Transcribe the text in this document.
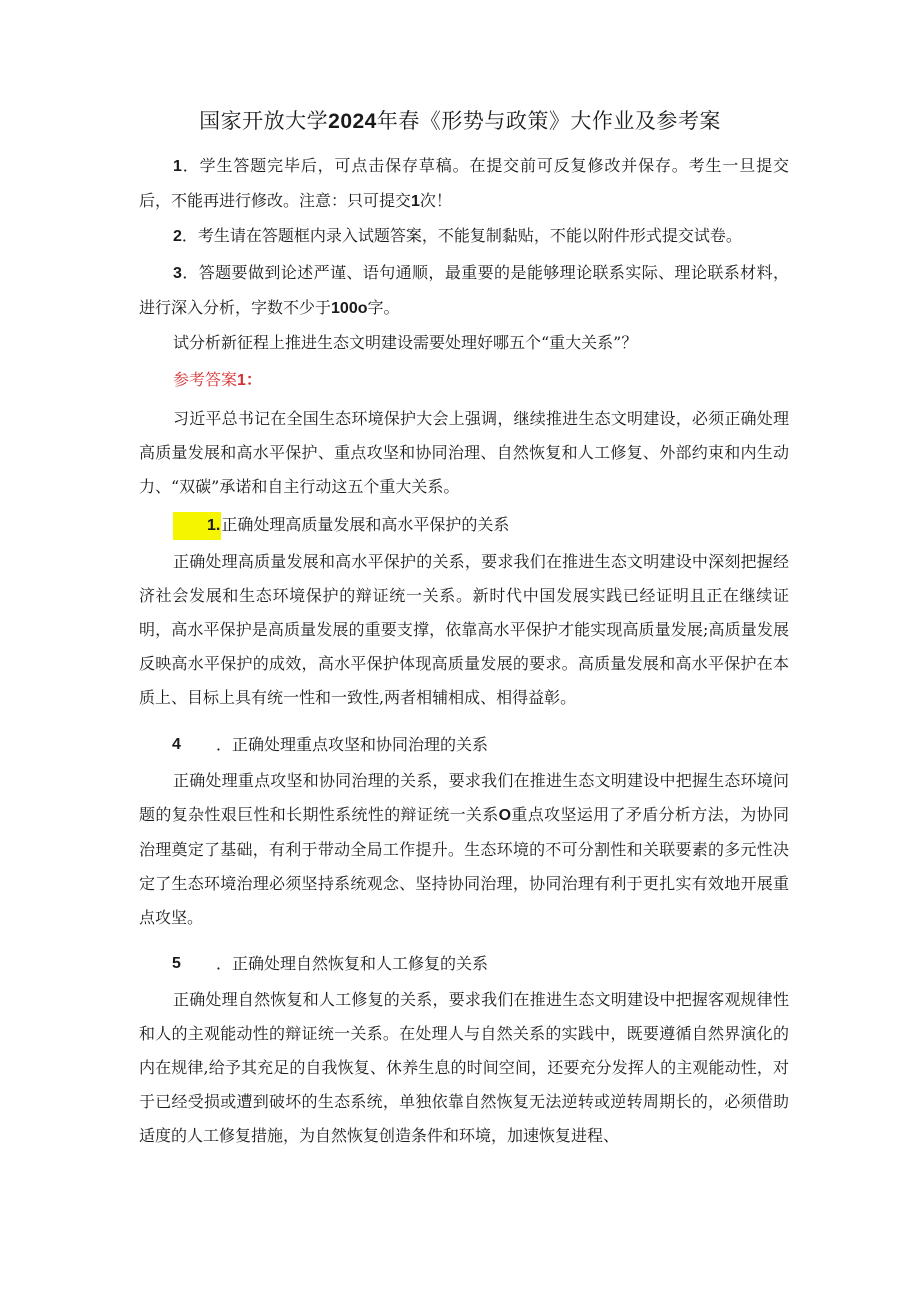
国家开放大学2024年春《形势与政策》大作业及参考案
1．学生答题完毕后，可点击保存草稿。在提交前可反复修改并保存。考生一旦提交后，不能再进行修改。注意：只可提交1次！
2．考生请在答题框内录入试题答案，不能复制黏贴，不能以附件形式提交试卷。
3．答题要做到论述严谨、语句通顺，最重要的是能够理论联系实际、理论联系材料，进行深入分析，字数不少于100o字。
试分析新征程上推进生态文明建设需要处理好哪五个“重大关系”？
参考答案1：
习近平总书记在全国生态环境保护大会上强调，继续推进生态文明建设，必须正确处理高质量发展和高水平保护、重点攻坚和协同治理、自然恢复和人工修复、外部约束和内生动力、“双碳”承诺和自主行动这五个重大关系。
1.正确处理高质量发展和高水平保护的关系
正确处理高质量发展和高水平保护的关系，要求我们在推进生态文明建设中深刻把握经济社会发展和生态环境保护的辩证统一关系。新时代中国发展实践已经证明且正在继续证明，高水平保护是高质量发展的重要支撑，依靠高水平保护才能实现高质量发展;高质量发展反映高水平保护的成效，高水平保护体现高质量发展的要求。高质量发展和高水平保护在本质上、目标上具有统一性和一致性,两者相辅相成、相得益彰。
4 ．正确处理重点攻坚和协同治理的关系
正确处理重点攻坚和协同治理的关系，要求我们在推进生态文明建设中把握生态环境问题的复杂性艰巨性和长期性系统性的辩证统一关系O重点攻坚运用了矛盾分析方法，为协同治理奠定了基础，有利于带动全局工作提升。生态环境的不可分割性和关联要素的多元性决定了生态环境治理必须坚持系统观念、坚持协同治理，协同治理有利于更扎实有效地开展重点攻坚。
5 ．正确处理自然恢复和人工修复的关系
正确处理自然恢复和人工修复的关系，要求我们在推进生态文明建设中把握客观规律性和人的主观能动性的辩证统一关系。在处理人与自然关系的实践中，既要遵循自然界演化的内在规律,给予其充足的自我恢复、休养生息的时间空间，还要充分发挥人的主观能动性，对于已经受损或遭到破坏的生态系统，单独依靠自然恢复无法逆转或逆转周期长的，必须借助适度的人工修复措施，为自然恢复创造条件和环境，加速恢复进程、
